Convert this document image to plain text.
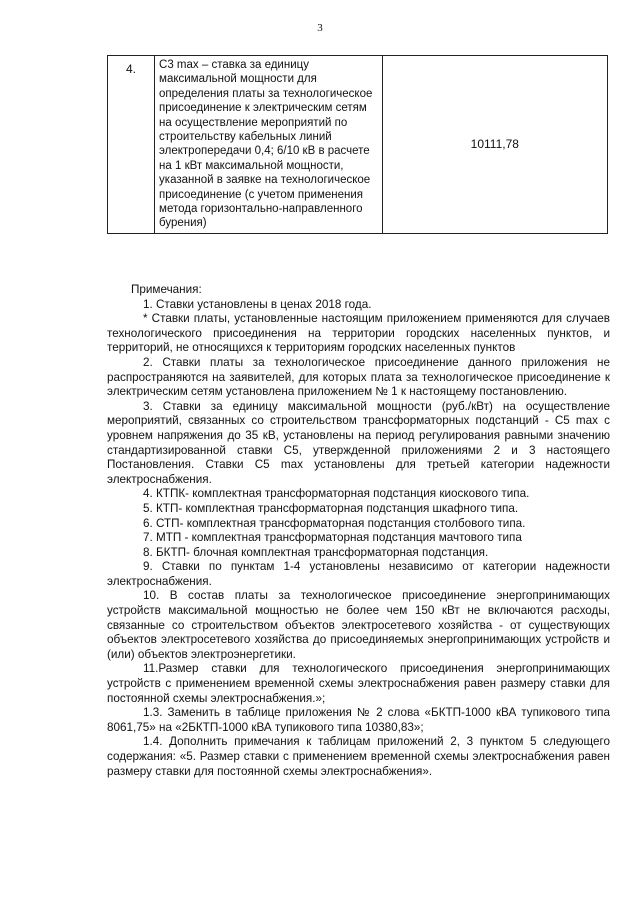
3
4.	С3 max – ставка за единицу максимальной мощности для определения платы за технологическое присоединение к электрическим сетям на осуществление мероприятий по строительству кабельных линий электропередачи 0,4; 6/10 кВ в расчете на 1 кВт максимальной мощности, указанной в заявке на технологическое присоединение (с учетом применения метода горизонтально-направленного бурения)	10111,78

Примечания:

1. Ставки установлены в ценах 2018 года.

* Ставки платы, установленные настоящим приложением применяются для случаев технологического присоединения на территории городских населенных пунктов, и территорий, не относящихся к территориям городских населенных пунктов

2. Ставки платы за технологическое присоединение данного приложения не распространяются на заявителей, для которых плата за технологическое присоединение к электрическим сетям установлена приложением № 1 к настоящему постановлению.

3. Ставки за единицу максимальной мощности (руб./кВт) на осуществление мероприятий, связанных со строительством трансформаторных подстанций - С5 max с уровнем напряжения до 35 кВ, установлены на период регулирования равными значению стандартизированной ставки С5, утвержденной приложениями 2 и 3 настоящего Постановления. Ставки С5 max установлены для третьей категории надежности электроснабжения.

4. КТПК- комплектная трансформаторная подстанция киоскового типа.

5. КТП- комплектная трансформаторная подстанция шкафного типа.

6. СТП- комплектная трансформаторная подстанция столбового типа.

7. МТП - комплектная трансформаторная подстанция мачтового типа

8. БКТП- блочная комплектная трансформаторная подстанция.

9. Ставки по пунктам 1-4 установлены независимо от категории надежности электроснабжения.

10. В состав платы за технологическое присоединение энергопринимающих устройств максимальной мощностью не более чем 150 кВт не включаются расходы, связанные со строительством объектов электросетевого хозяйства - от существующих объектов электросетевого хозяйства до присоединяемых энергопринимающих устройств и (или) объектов электроэнергетики.

11.Размер ставки для технологического присоединения энергопринимающих устройств с применением временной схемы электроснабжения равен размеру ставки для постоянной схемы электроснабжения.»;

1.3. Заменить в таблице приложения № 2 слова «БКТП-1000 кВА тупикового типа 8061,75» на «2БКТП-1000 кВА тупикового типа 10380,83»;

1.4. Дополнить примечания к таблицам приложений 2, 3 пунктом 5 следующего содержания: «5. Размер ставки с применением временной схемы электроснабжения равен размеру ставки для постоянной схемы электроснабжения».
